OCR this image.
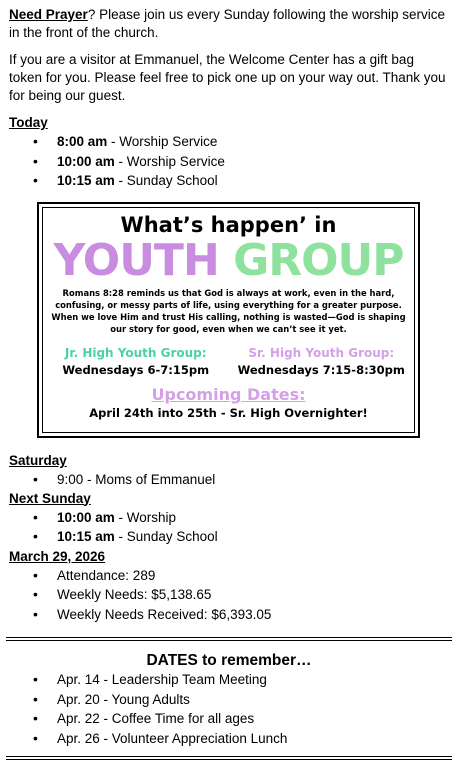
Need Prayer? Please join us every Sunday following the worship service in the front of the church.

If you are a visitor at Emmanuel, the Welcome Center has a gift bag token for you. Please feel free to pick one up on your way out. Thank you for being our guest.

Today
• 8:00 am - Worship Service
• 10:00 am - Worship Service
• 10:15 am - Sunday School
What’s happen’ in
YOUTH GROUP
Romans 8:28 reminds us that God is always at work, even in the hard, confusing, or messy parts of life, using everything for a greater purpose. When we love Him and trust His calling, nothing is wasted—God is shaping our story for good, even when we can’t see it yet.
Jr. High Youth Group:
Wednesdays 6-7:15pm
Sr. High Youth Group:
Wednesdays 7:15-8:30pm
Upcoming Dates:
April 24th into 25th - Sr. High Overnighter!
Saturday
• 9:00 - Moms of Emmanuel
Next Sunday
• 10:00 am - Worship
• 10:15 am - Sunday School
March 29, 2026
• Attendance: 289
• Weekly Needs: $5,138.65
• Weekly Needs Received: $6,393.05
DATES to remember…
• Apr. 14 - Leadership Team Meeting
• Apr. 20 - Young Adults
• Apr. 22 - Coffee Time for all ages
• Apr. 26 - Volunteer Appreciation Lunch
